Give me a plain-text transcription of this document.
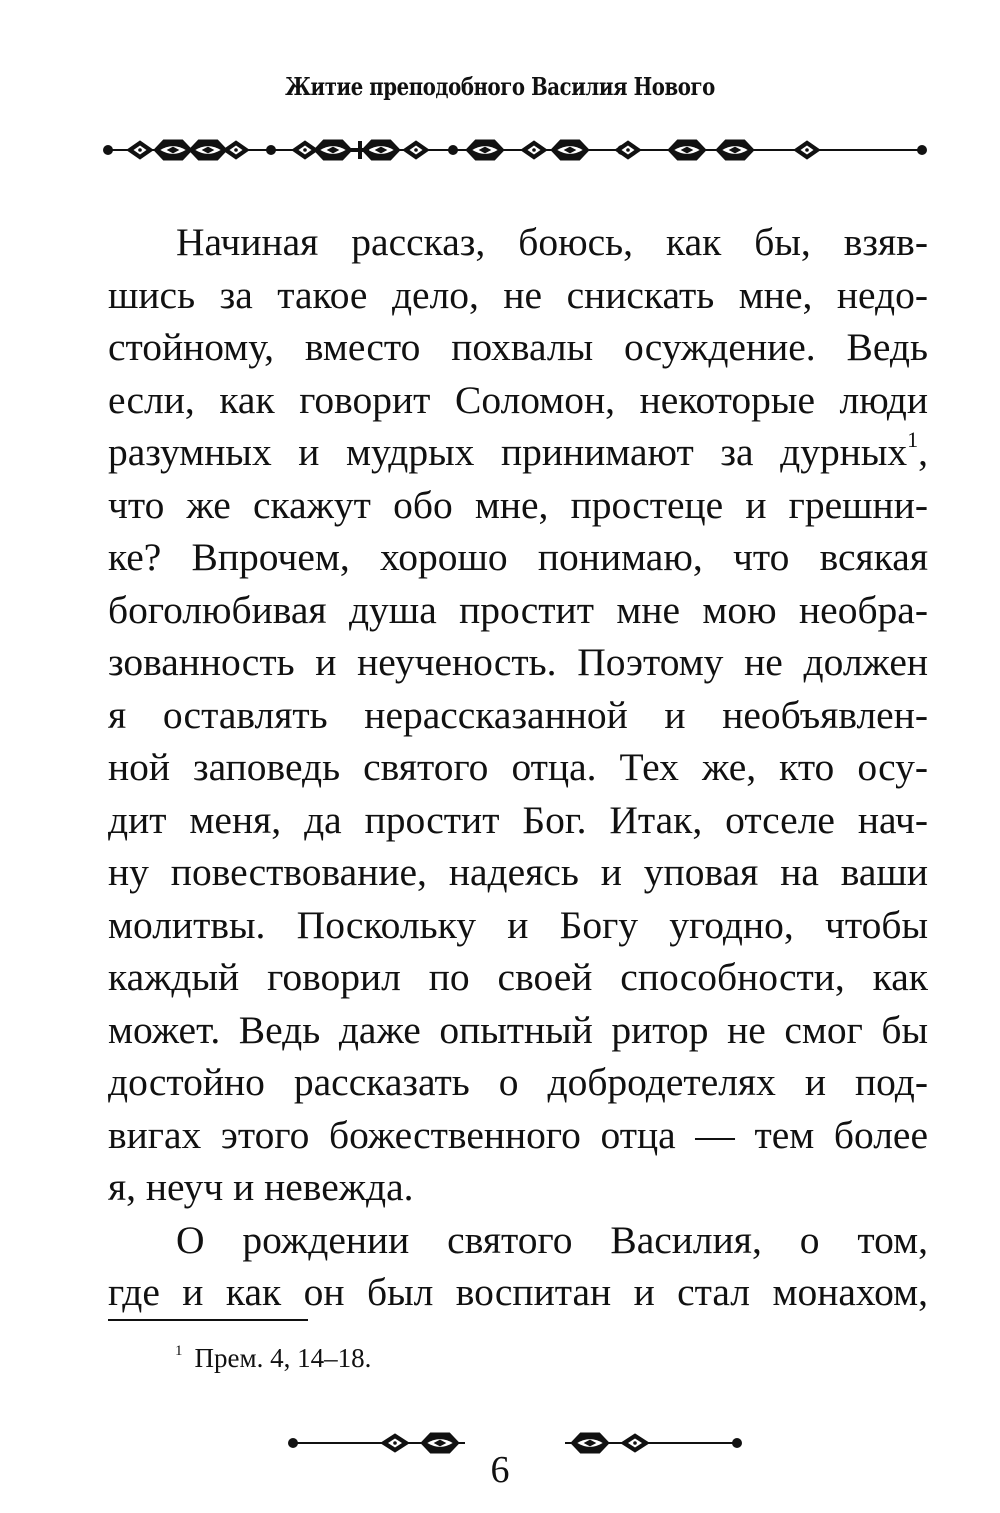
Житие преподобного Василия Нового
Начиная рассказ, боюсь, как бы, взяв-
шись за такое дело, не снискать мне, недо-
стойному, вместо похвалы осуждение. Ведь
если, как говорит Соломон, некоторые люди
разумных и мудрых принимают за дурных$^1$,
что же скажут обо мне, простеце и грешни-
ке? Впрочем, хорошо понимаю, что всякая
боголюбивая душа простит мне мою необра-
зованность и неученость. Поэтому не должен
я оставлять нерассказанной и необъявлен-
ной заповедь святого отца. Тех же, кто осу-
дит меня, да простит Бог. Итак, отселе нач-
ну повествование, надеясь и уповая на ваши
молитвы. Поскольку и Богу угодно, чтобы
каждый говорил по своей способности, как
может. Ведь даже опытный ритор не смог бы
достойно рассказать о добродетелях и под-
вигах этого божественного отца — тем более
я, неуч и невежда.
О рождении святого Василия, о том,
где и как он был воспитан и стал монахом,
$^1$ Прем. 4, 14–18.
6
